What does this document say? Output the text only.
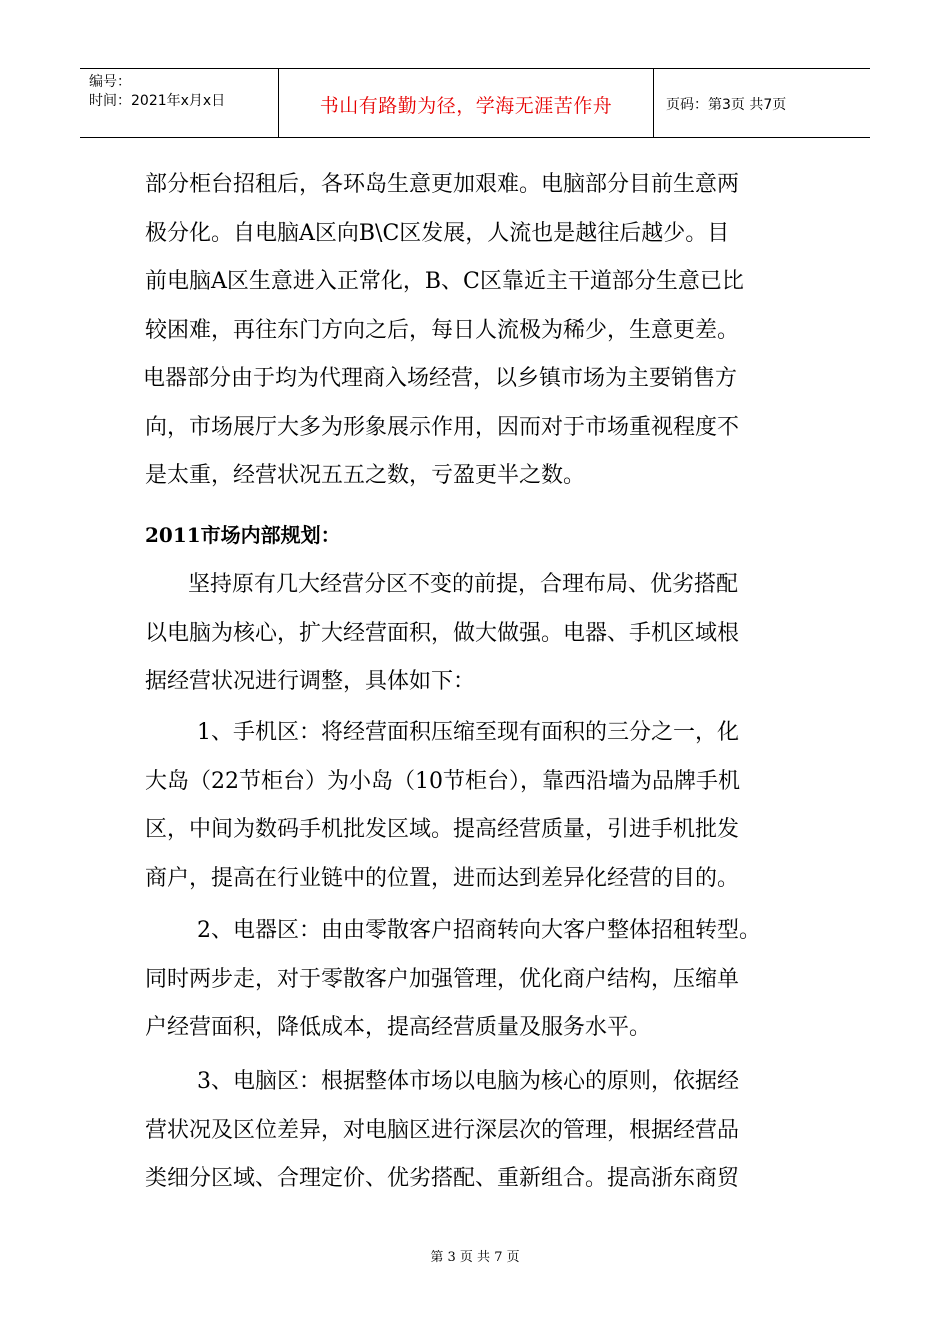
编号：
时间：2021年x月x日	书山有路勤为径，学海无涯苦作舟	页码：第3页 共7页
部分柜台招租后，各环岛生意更加艰难。电脑部分目前生意两
极分化。自电脑A区向B\C区发展，人流也是越往后越少。目
前电脑A区生意进入正常化，B、C区靠近主干道部分生意已比
较困难，再往东门方向之后，每日人流极为稀少，生意更差。
电器部分由于均为代理商入场经营，以乡镇市场为主要销售方
向，市场展厅大多为形象展示作用，因而对于市场重视程度不
是太重，经营状况五五之数，亏盈更半之数。
2011市场内部规划：
坚持原有几大经营分区不变的前提，合理布局、优劣搭配
以电脑为核心，扩大经营面积，做大做强。电器、手机区域根
据经营状况进行调整，具体如下：
1、手机区：将经营面积压缩至现有面积的三分之一，化
大岛（22节柜台）为小岛（10节柜台），靠西沿墙为品牌手机
区，中间为数码手机批发区域。提高经营质量，引进手机批发
商户，提高在行业链中的位置，进而达到差异化经营的目的。
2、电器区：由由零散客户招商转向大客户整体招租转型。
同时两步走，对于零散客户加强管理，优化商户结构，压缩单
户经营面积，降低成本，提高经营质量及服务水平。
3、电脑区：根据整体市场以电脑为核心的原则，依据经
营状况及区位差异，对电脑区进行深层次的管理，根据经营品
类细分区域、合理定价、优劣搭配、重新组合。提高浙东商贸
第 3 页 共 7 页
